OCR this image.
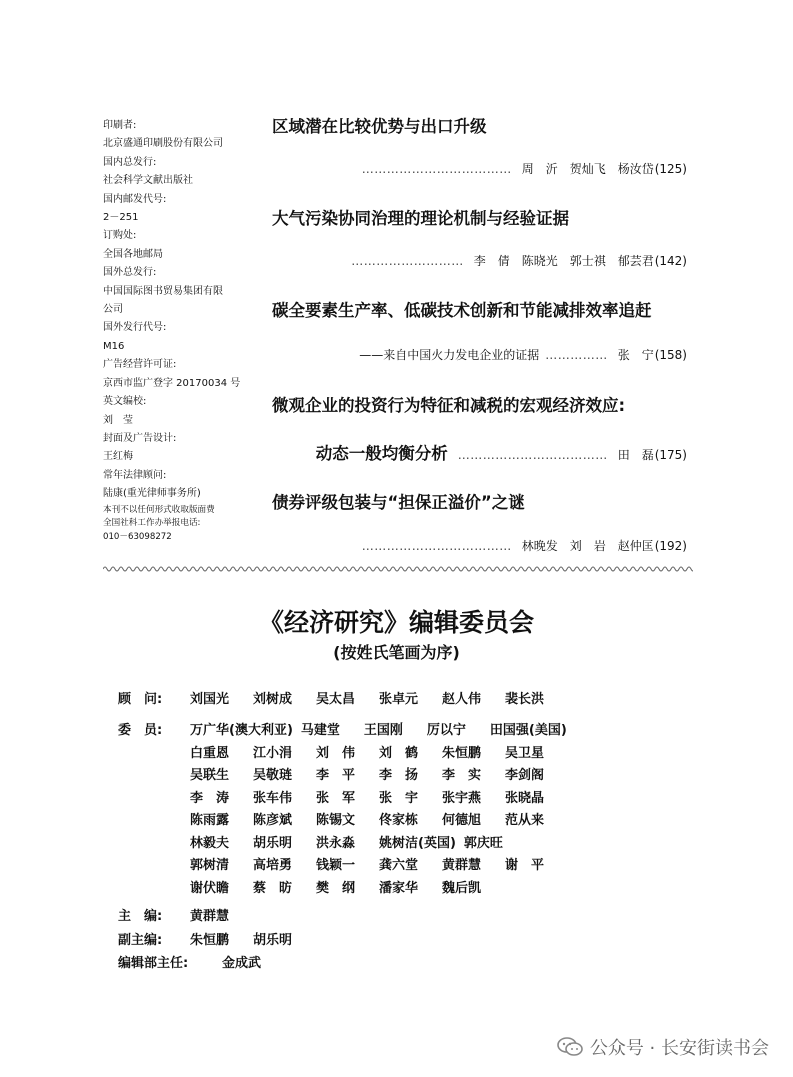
印刷者:
北京盛通印刷股份有限公司
国内总发行:
社会科学文献出版社
国内邮发代号:
2－251
订购处:
全国各地邮局
国外总发行:
中国国际图书贸易集团有限
公司
国外发行代号:
M16
广告经营许可证:
京西市监广登字 20170034 号
英文编校:
刘　莹
封面及广告设计:
王红梅
常年法律顾问:
陆康(重光律师事务所)
本刊不以任何形式收取版面费
全国社科工作办举报电话:
010－63098272
区域潜在比较优势与出口升级
……………………………… 周　沂　贺灿飞　杨汝岱 (125)
大气污染协同治理的理论机制与经验证据
……………………… 李　倩　陈晓光　郭士祺　郁芸君 (142)
碳全要素生产率、低碳技术创新和节能减排效率追赶
——来自中国火力发电企业的证据 …………… 张　宁 (158)
微观企业的投资行为特征和减税的宏观经济效应:
动态一般均衡分析 ……………………………… 田　磊 (175)
债券评级包装与“担保正溢价”之谜
……………………………… 林晚发　刘　岩　赵仲匡 (192)
《经济研究》编辑委员会
(按姓氏笔画为序)
顾　问: 刘国光 刘树成 吴太昌 张卓元 赵人伟 裴长洪
委　员: 万广华(澳大利亚) 马建堂 王国刚 厉以宁 田国强(美国)
白重恩 江小涓 刘　伟 刘　鹤 朱恒鹏 吴卫星
吴联生 吴敬琏 李　平 李　扬 李　实 李剑阁
李　涛 张车伟 张　军 张　宇 张宇燕 张晓晶
陈雨露 陈彦斌 陈锡文 佟家栋 何德旭 范从来
林毅夫 胡乐明 洪永淼 姚树洁(英国) 郭庆旺
郭树清 高培勇 钱颖一 龚六堂 黄群慧 谢　平
谢伏瞻 蔡　昉 樊　纲 潘家华 魏后凯
主　编: 黄群慧
副主编: 朱恒鹏 胡乐明
编辑部主任:	金成武
公众号 · 长安街读书会
